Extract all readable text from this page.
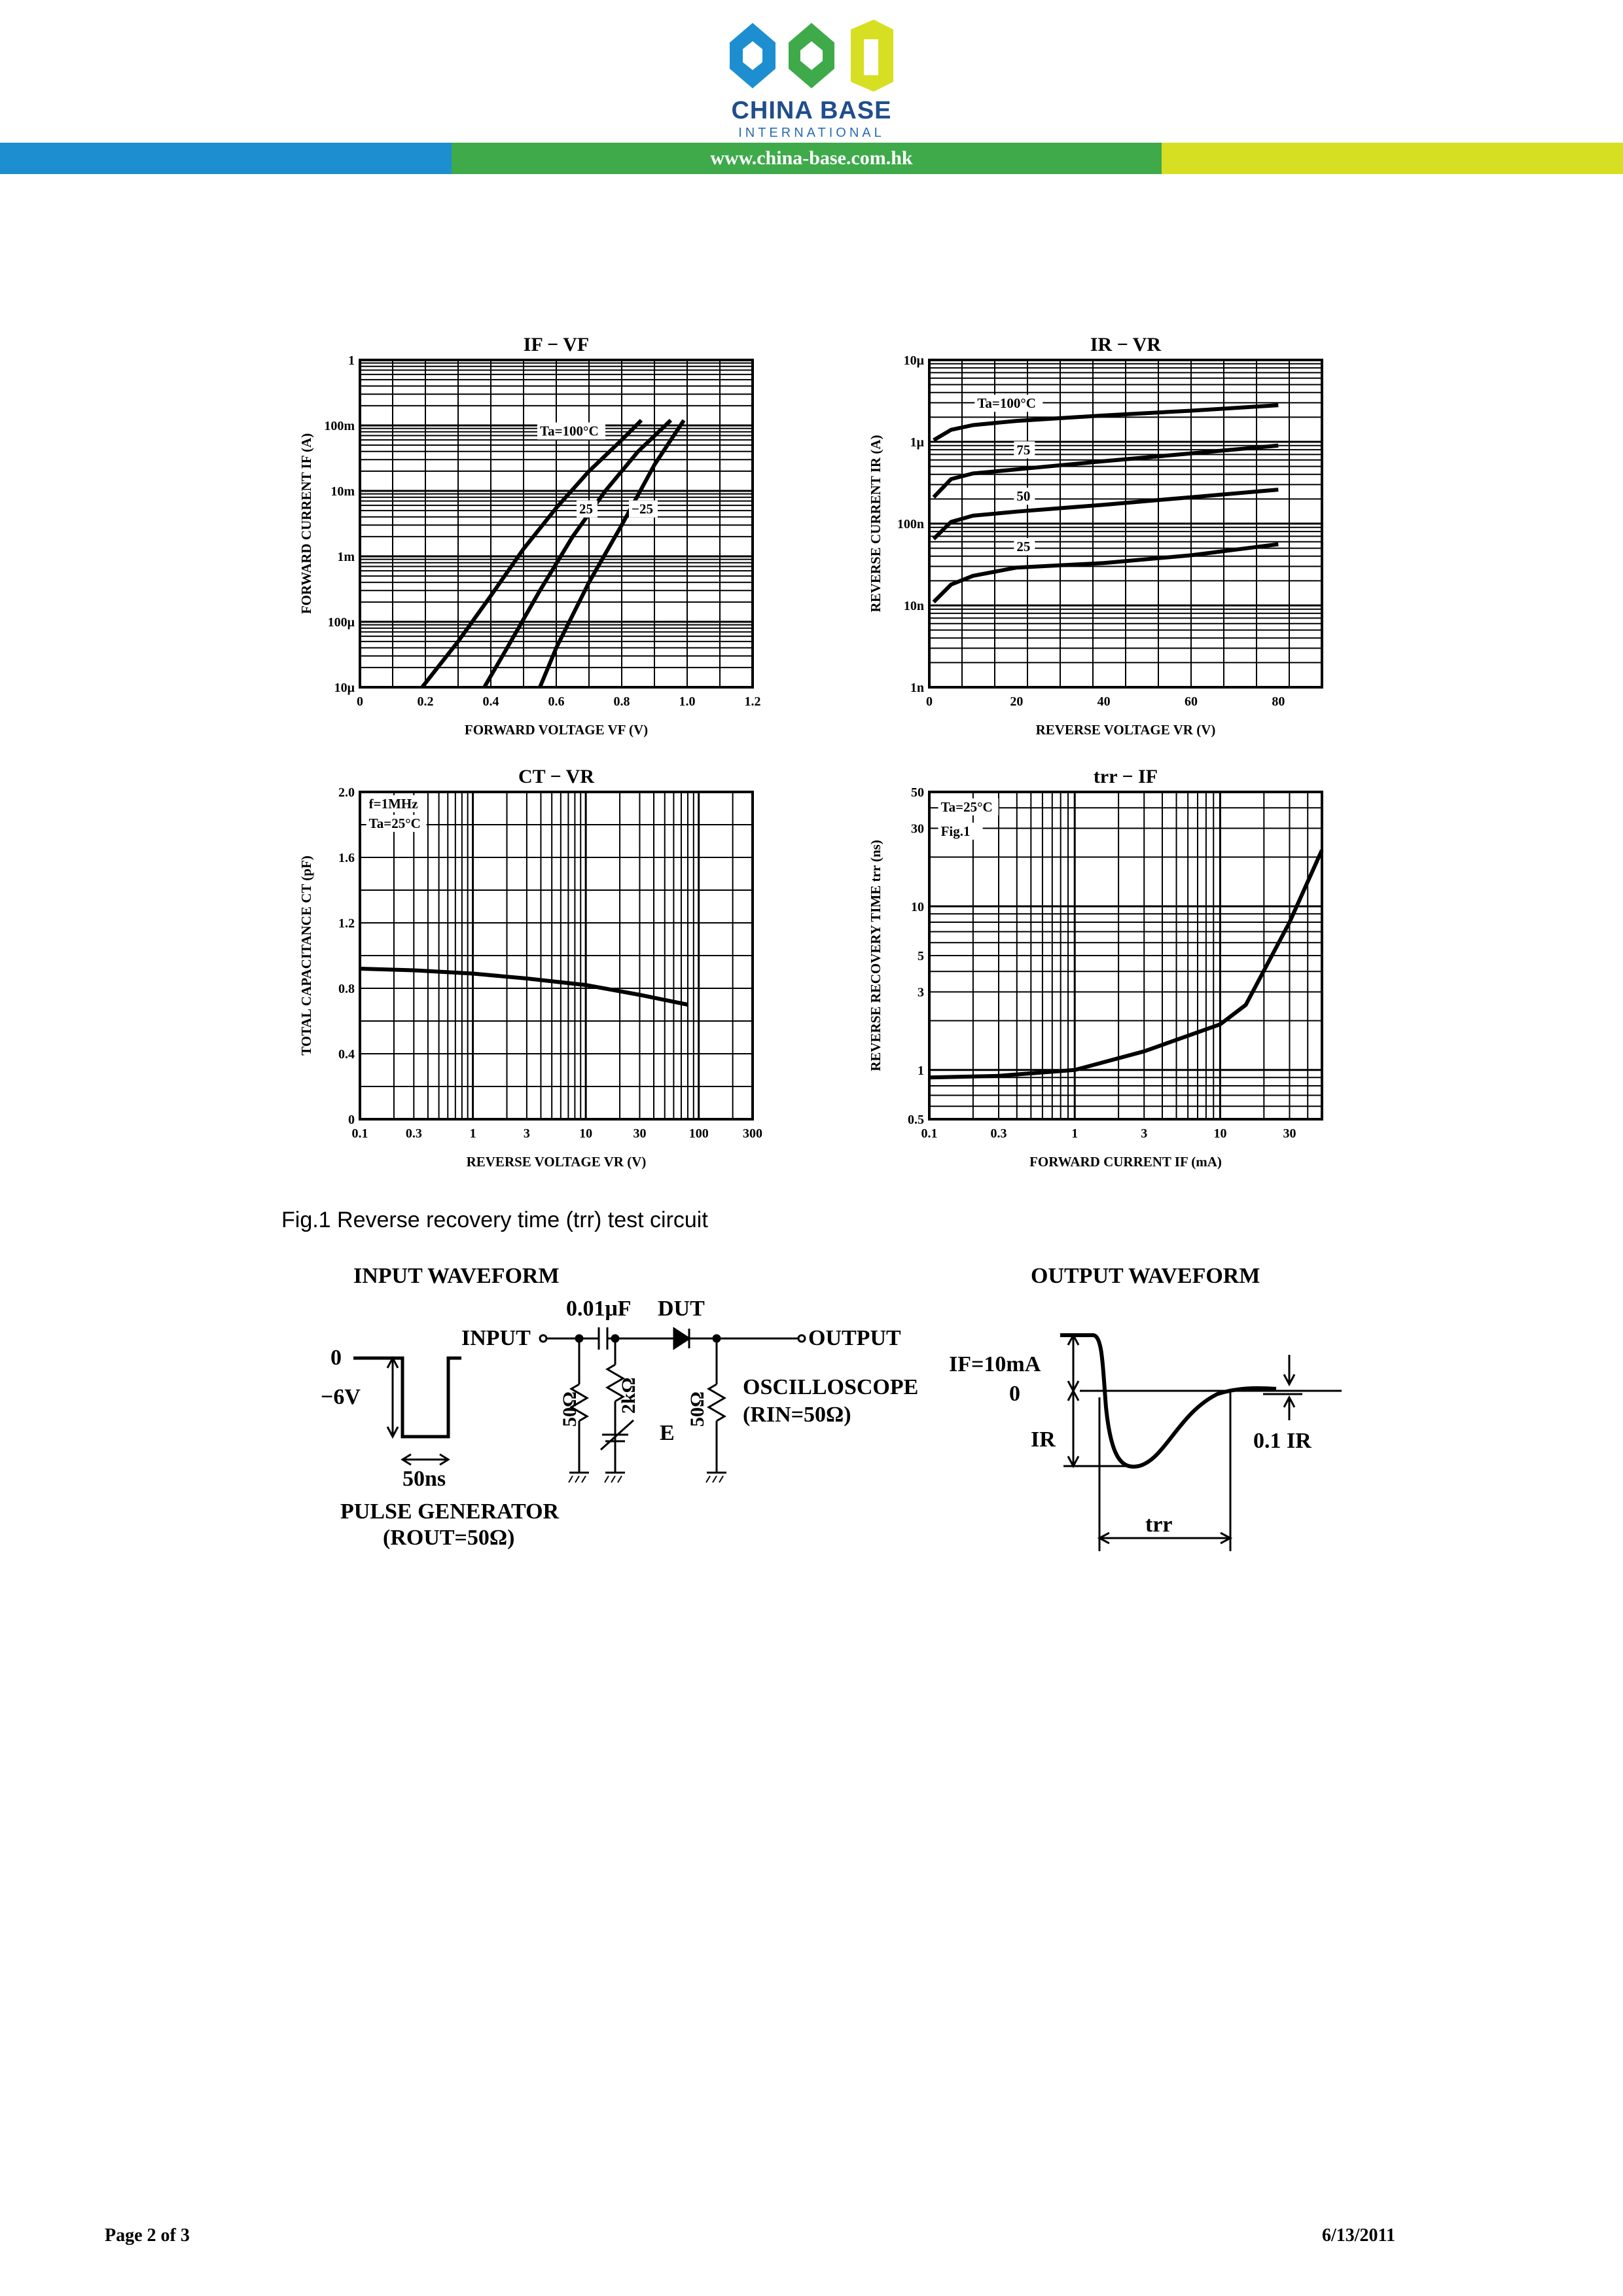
CHINA BASE
INTERNATIONAL
www.china-base.com.hk
0	0.2	0.4	0.6	0.8	1.0	1.2
10μ
100μ
1m
10m
100m
1
IF − VF
FORWARD VOLTAGE VF (V)
FORWARD CURRENT IF (A)
Ta=100°C
25	−25
0	20	40	60	80
1n
10n
100n
1μ
10μ
IR − VR
REVERSE VOLTAGE VR (V)
REVERSE CURRENT IR (A)
Ta=100°C
75
50
25
0.1	0.3	1	3	10	30	100	300
0
0.4
0.8
1.2
1.6
2.0
CT − VR
REVERSE VOLTAGE VR (V)
TOTAL CAPACITANCE CT (pF)
f=1MHz
Ta=25°C
0.1	0.3	1	3	10	30
0.5
1
3
5
10
30
50
trr − IF
FORWARD CURRENT IF (mA)
REVERSE RECOVERY TIME trr (ns)
Ta=25°C
Fig.1
Fig.1 Reverse recovery time (trr) test circuit
INPUT WAVEFORM	OUTPUT WAVEFORM
0.01μF DUT
INPUT	OUTPUT
OSCILLOSCOPE
(RIN=50Ω)
0
−6V
50ns
PULSE GENERATOR
(ROUT=50Ω)
IF=10mA
0
IR	0.1 IR
trr
E
50Ω 2kΩ 50Ω
Page 2 of 3	6/13/2011
